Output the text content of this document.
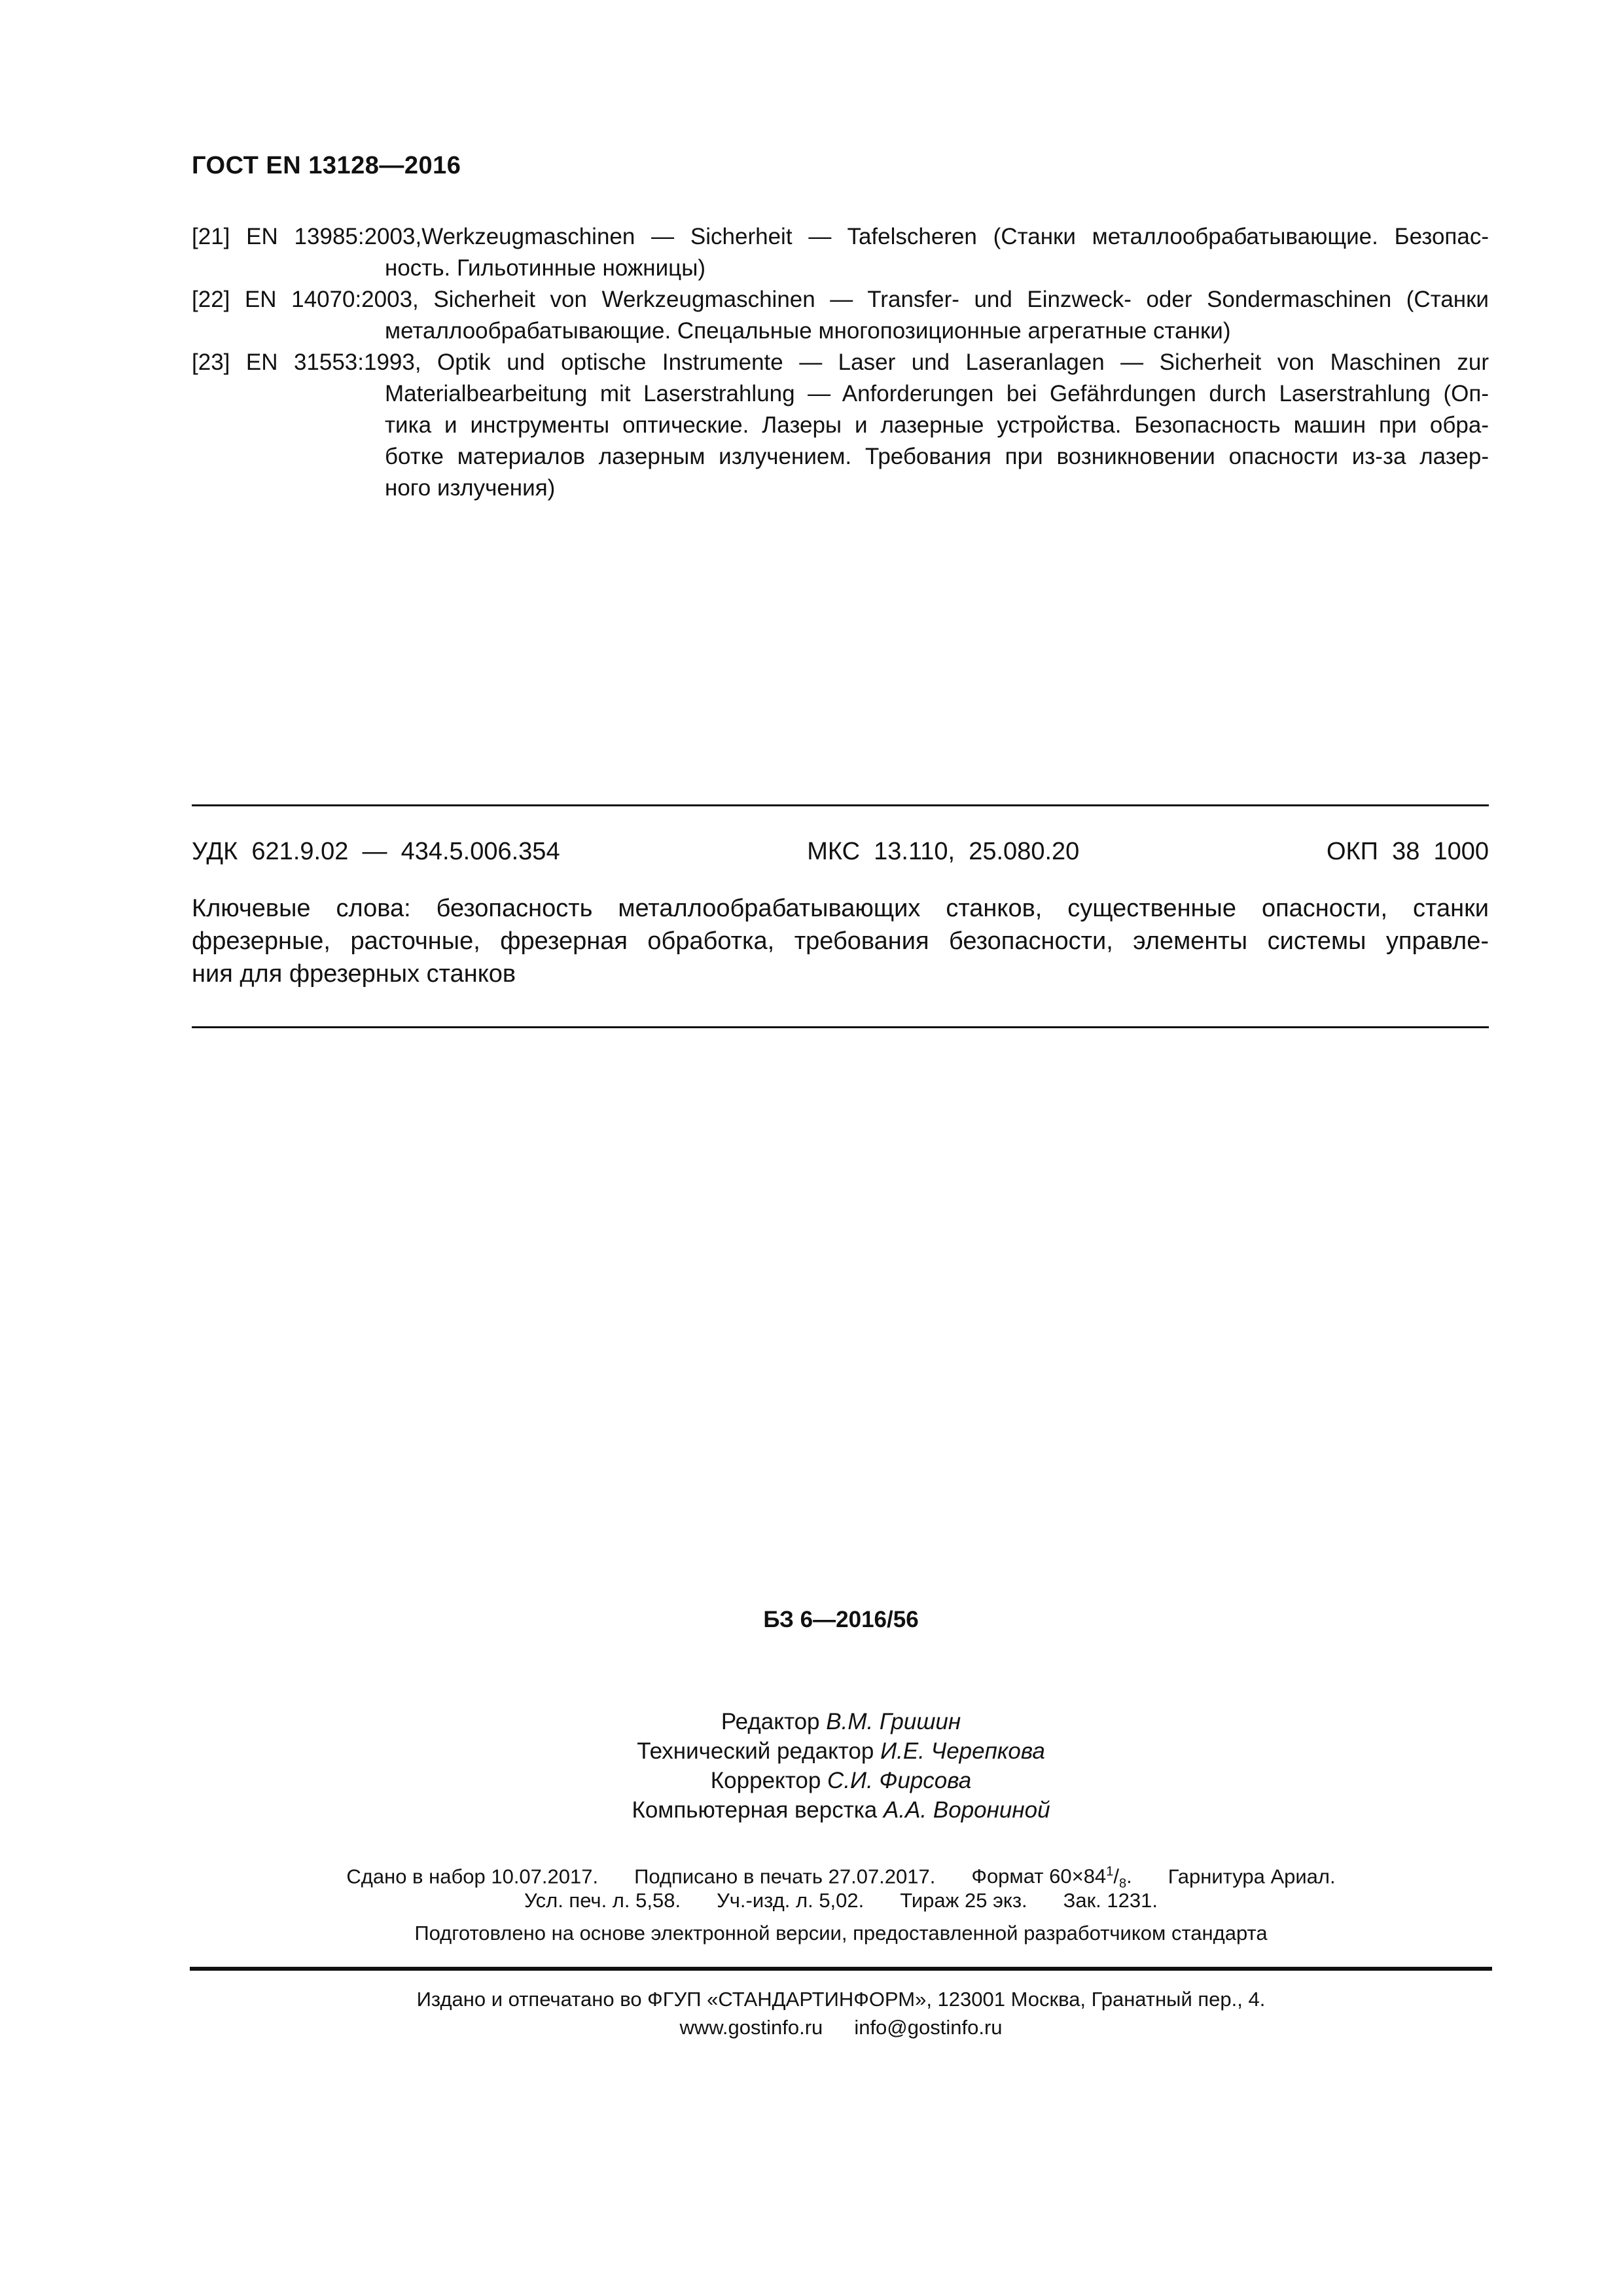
ГОСТ EN 13128—2016
[21] EN 13985:2003,Werkzeugmaschinen — Sicherheit — Tafelscheren (Станки металлообрабатывающие. Безопас-
ность. Гильотинные ножницы)
[22] EN 14070:2003, Sicherheit von Werkzeugmaschinen — Transfer- und Einzweck- oder Sondermaschinen (Станки
металлообрабатывающие. Спецальные многопозиционные агрегатные станки)
[23] EN 31553:1993, Optik und optische Instrumente — Laser und Laseranlagen — Sicherheit von Maschinen zur
Materialbearbeitung mit Laserstrahlung — Anforderungen bei Gefährdungen durch Laserstrahlung (Оп-
тика и инструменты оптические. Лазеры и лазерные устройства. Безопасность машин при обра-
ботке материалов лазерным излучением. Требования при возникновении опасности из-за лазер-
ного излучения)
УДК  621.9.02  —  434.5.006.354	МКС  13.110,  25.080.20	ОКП  38  1000
Ключевые слова: безопасность металлообрабатывающих станков, существенные опасности, станки
фрезерные, расточные, фрезерная обработка, требования безопасности, элементы системы управле-
ния для фрезерных станков
БЗ 6—2016/56
Редактор В.М. Гришин
Технический редактор И.Е. Черепкова
Корректор С.И. Фирсова
Компьютерная верстка А.А. Ворониной
Сдано в набор 10.07.2017. Подписано в печать 27.07.2017. Формат $60\times 84^1/_8$. Гарнитура Ариал.
Усл. печ. л. 5,58. Уч.-изд. л. 5,02. Тираж 25 экз. Зак. 1231.
Подготовлено на основе электронной версии, предоставленной разработчиком стандарта
Издано и отпечатано во ФГУП «СТАНДАРТИНФОРМ», 123001 Москва, Гранатный пер., 4.
www.gostinfo.ru info@gostinfo.ru
